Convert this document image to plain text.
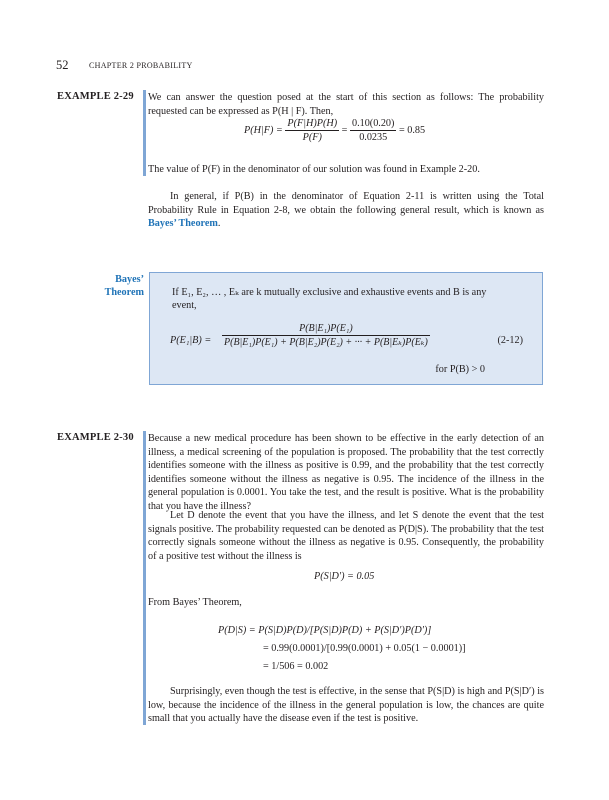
52	CHAPTER 2 PROBABILITY
EXAMPLE 2-29 We can answer the question posed at the start of this section as follows: The probability requested can be expressed as P(H | F). Then,

$P(H|F) = \frac{P(F|H)P(H)}{P(F)} = \frac{0.10(0.20)}{0.0235} = 0.85$

The value of P(F) in the denominator of our solution was found in Example 2-20.

In general, if P(B) in the denominator of Equation 2-11 is written using the Total Probability Rule in Equation 2-8, we obtain the following general result, which is known as Bayes’ Theorem.

Bayes’
Theorem	If E₁, E₂, … , Eₖ are k mutually exclusive and exhaustive events and B is any event,
$P(E_1|B) = \frac{\text{P(B|E₁)P(E₁)}}{\text{P(B|E₁)P(E₁) + P(B|E₂)P(E₂) + ··· + P(B|Eₖ)P(Eₖ)}}$	(2-12)
for P(B) > 0
EXAMPLE 2-30 Because a new medical procedure has been shown to be effective in the early detection of an illness, a medical screening of the population is proposed. The probability that the test correctly identifies someone with the illness as positive is 0.99, and the probability that the test correctly identifies someone without the illness as negative is 0.95. The incidence of the illness in the general population is 0.0001. You take the test, and the result is positive. What is the probability that you have the illness?

Let D denote the event that you have the illness, and let S denote the event that the test signals positive. The probability requested can be denoted as P(D|S). The probability that the test correctly signals someone without the illness as negative is 0.95. Consequently, the probability of a positive test without the illness is

P(S|D′) = 0.05

From Bayes’ Theorem,

P(D|S) = P(S|D)P(D)/[P(S|D)P(D) + P(S|D′)P(D′)]
= 0.99(0.0001)/[0.99(0.0001) + 0.05(1 − 0.0001)]
= 1/506 = 0.002

Surprisingly, even though the test is effective, in the sense that P(S|D) is high and P(S|D′) is low, because the incidence of the illness in the general population is low, the chances are quite small that you actually have the disease even if the test is positive.
